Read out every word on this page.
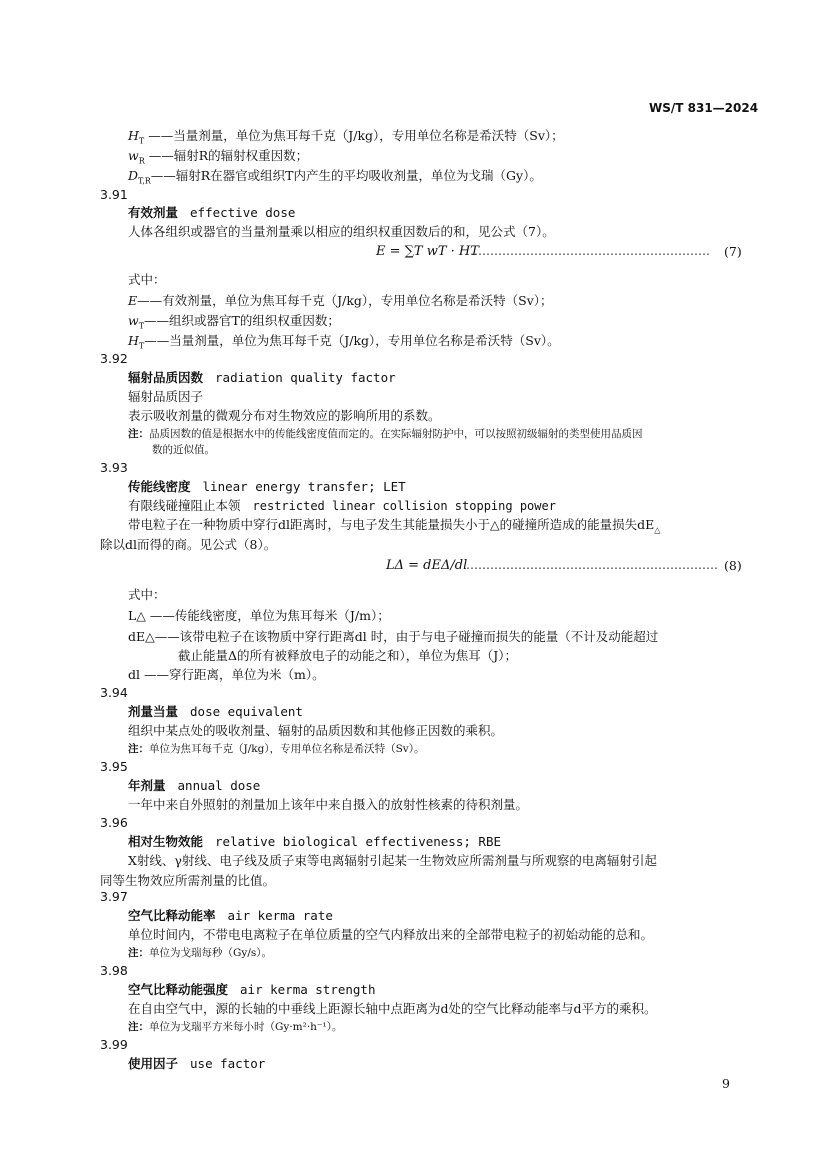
WS/T 831—2024
$H_T$ ——当量剂量，单位为焦耳每千克（J/kg），专用单位名称是希沃特（Sv）；
$w_R$ ——辐射R的辐射权重因数；
$D_{T,R}——$辐射R在器官或组织T内产生的平均吸收剂量，单位为戈瑞（Gy）。
3.91
有效剂量 effective dose
人体各组织或器官的当量剂量乘以相应的组织权重因数后的和，见公式（7）。
E = ∑T wT · HT
…………………………………………………… (7)
式中：
E——有效剂量，单位为焦耳每千克（J/kg），专用单位名称是希沃特（Sv）；
$w_T——$组织或器官T的组织权重因数；
$H_T——$当量剂量，单位为焦耳每千克（J/kg），专用单位名称是希沃特（Sv）。
3.92
辐射品质因数 radiation quality factor
辐射品质因子
表示吸收剂量的微观分布对生物效应的影响所用的系数。
注：品质因数的值是根据水中的传能线密度值而定的。在实际辐射防护中，可以按照初级辐射的类型使用品质因
数的近似值。
3.93
传能线密度 linear energy transfer; LET
有限线碰撞阻止本领 restricted linear collision stopping power
带电粒子在一种物质中穿行dl距离时，与电子发生其能量损失小于△的碰撞所造成的能量损失$dE_\triangle$
除以dl而得的商。见公式（8）。
LΔ = dEΔ/dl
……………………………………………………… (8)
式中：
L△ ——传能线密度，单位为焦耳每米（J/m）；
dE△——该带电粒子在该物质中穿行距离dl 时，由于与电子碰撞而损失的能量（不计及动能超过
截止能量Δ的所有被释放电子的动能之和），单位为焦耳（J）；
dl ——穿行距离，单位为米（m）。
3.94
剂量当量 dose equivalent
组织中某点处的吸收剂量、辐射的品质因数和其他修正因数的乘积。
注：单位为焦耳每千克（J/kg），专用单位名称是希沃特（Sv）。
3.95
年剂量 annual dose
一年中来自外照射的剂量加上该年中来自摄入的放射性核素的待积剂量。
3.96
相对生物效能 relative biological effectiveness; RBE
X射线、γ射线、电子线及质子束等电离辐射引起某一生物效应所需剂量与所观察的电离辐射引起
同等生物效应所需剂量的比值。
3.97
空气比释动能率 air kerma rate
单位时间内，不带电电离粒子在单位质量的空气内释放出来的全部带电粒子的初始动能的总和。
注：单位为戈瑞每秒（Gy/s）。
3.98
空气比释动能强度 air kerma strength
在自由空气中，源的长轴的中垂线上距源长轴中点距离为d处的空气比释动能率与d平方的乘积。
注：单位为戈瑞平方米每小时（Gy·m²·h⁻¹）。
3.99
使用因子 use factor
9
